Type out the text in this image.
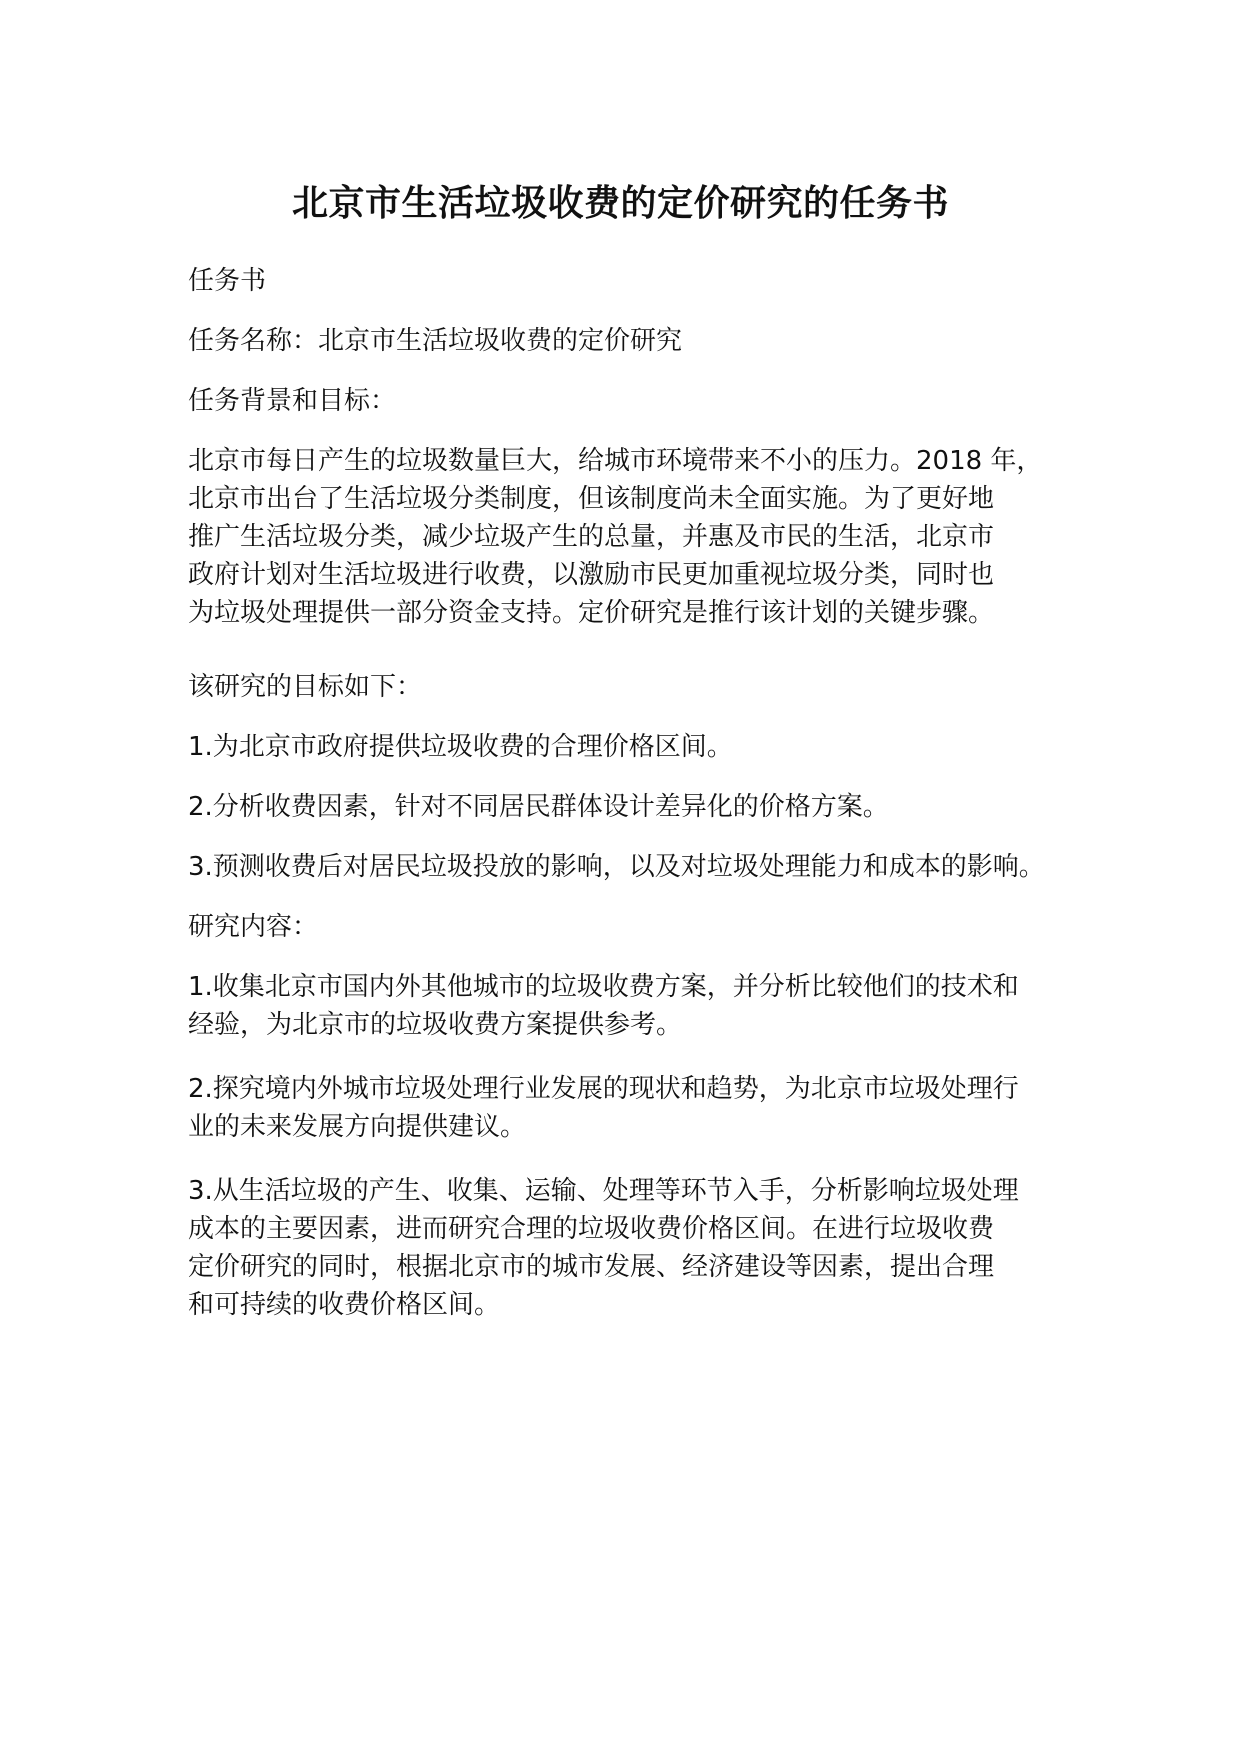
北京市生活垃圾收费的定价研究的任务书

任务书

任务名称：北京市生活垃圾收费的定价研究

任务背景和目标：

北京市每日产生的垃圾数量巨大，给城市环境带来不小的压力。2018 年，
北京市出台了生活垃圾分类制度，但该制度尚未全面实施。为了更好地
推广生活垃圾分类，减少垃圾产生的总量，并惠及市民的生活，北京市
政府计划对生活垃圾进行收费，以激励市民更加重视垃圾分类，同时也
为垃圾处理提供一部分资金支持。定价研究是推行该计划的关键步骤。

该研究的目标如下：

1.为北京市政府提供垃圾收费的合理价格区间。

2.分析收费因素，针对不同居民群体设计差异化的价格方案。

3.预测收费后对居民垃圾投放的影响，以及对垃圾处理能力和成本的影响。

研究内容：

1.收集北京市国内外其他城市的垃圾收费方案，并分析比较他们的技术和
经验，为北京市的垃圾收费方案提供参考。

2.探究境内外城市垃圾处理行业发展的现状和趋势，为北京市垃圾处理行
业的未来发展方向提供建议。

3.从生活垃圾的产生、收集、运输、处理等环节入手，分析影响垃圾处理
成本的主要因素，进而研究合理的垃圾收费价格区间。在进行垃圾收费
定价研究的同时，根据北京市的城市发展、经济建设等因素，提出合理
和可持续的收费价格区间。
